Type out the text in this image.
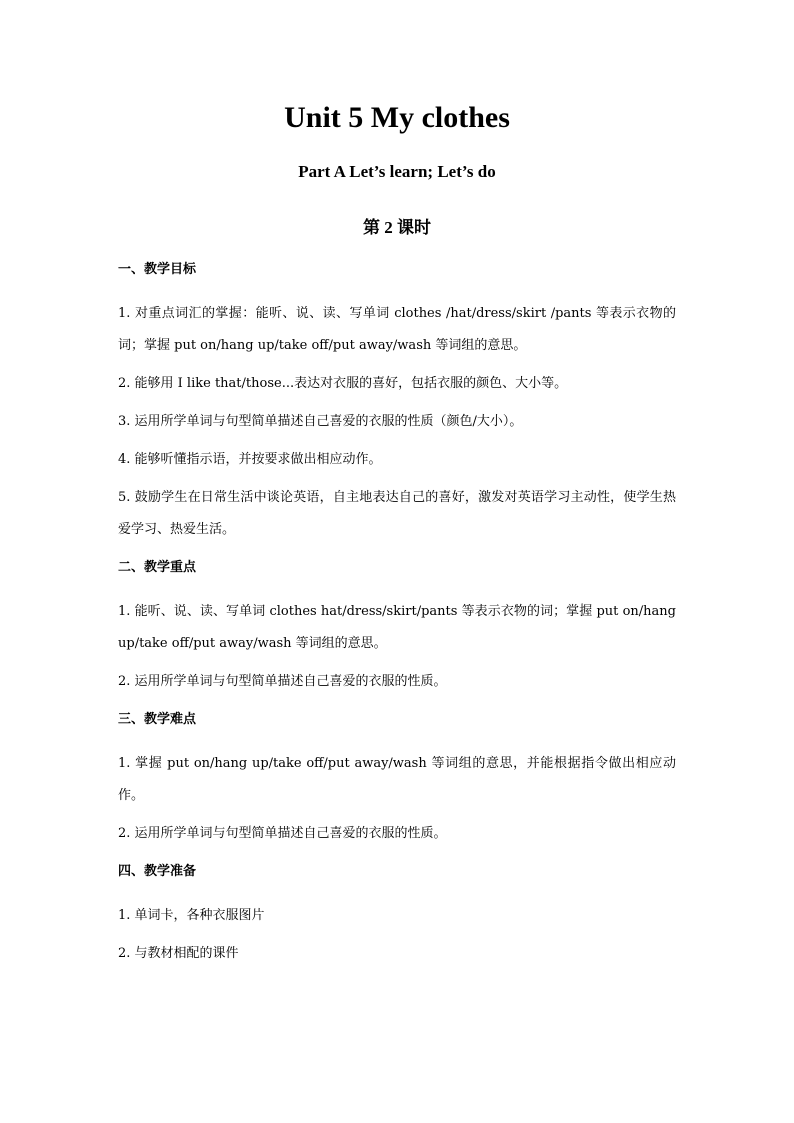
Unit 5 My clothes
Part A Let’s learn; Let’s do
第 2 课时
一、教学目标

1. 对重点词汇的掌握：能听、说、读、写单词 clothes /hat/dress/skirt /pants 等表示衣物的词；掌握 put on/hang up/take off/put away/wash 等词组的意思。

2. 能够用 I like that/those...表达对衣服的喜好，包括衣服的颜色、大小等。

3. 运用所学单词与句型简单描述自己喜爱的衣服的性质（颜色/大小）。

4. 能够听懂指示语，并按要求做出相应动作。

5. 鼓励学生在日常生活中谈论英语，自主地表达自己的喜好，激发对英语学习主动性，使学生热爱学习、热爱生活。

二、教学重点

1. 能听、说、读、写单词 clothes hat/dress/skirt/pants 等表示衣物的词；掌握 put on/hang up/take off/put away/wash 等词组的意思。

2. 运用所学单词与句型简单描述自己喜爱的衣服的性质。

三、教学难点

1. 掌握 put on/hang up/take off/put away/wash 等词组的意思，并能根据指令做出相应动作。

2. 运用所学单词与句型简单描述自己喜爱的衣服的性质。

四、教学准备

1. 单词卡，各种衣服图片

2. 与教材相配的课件
